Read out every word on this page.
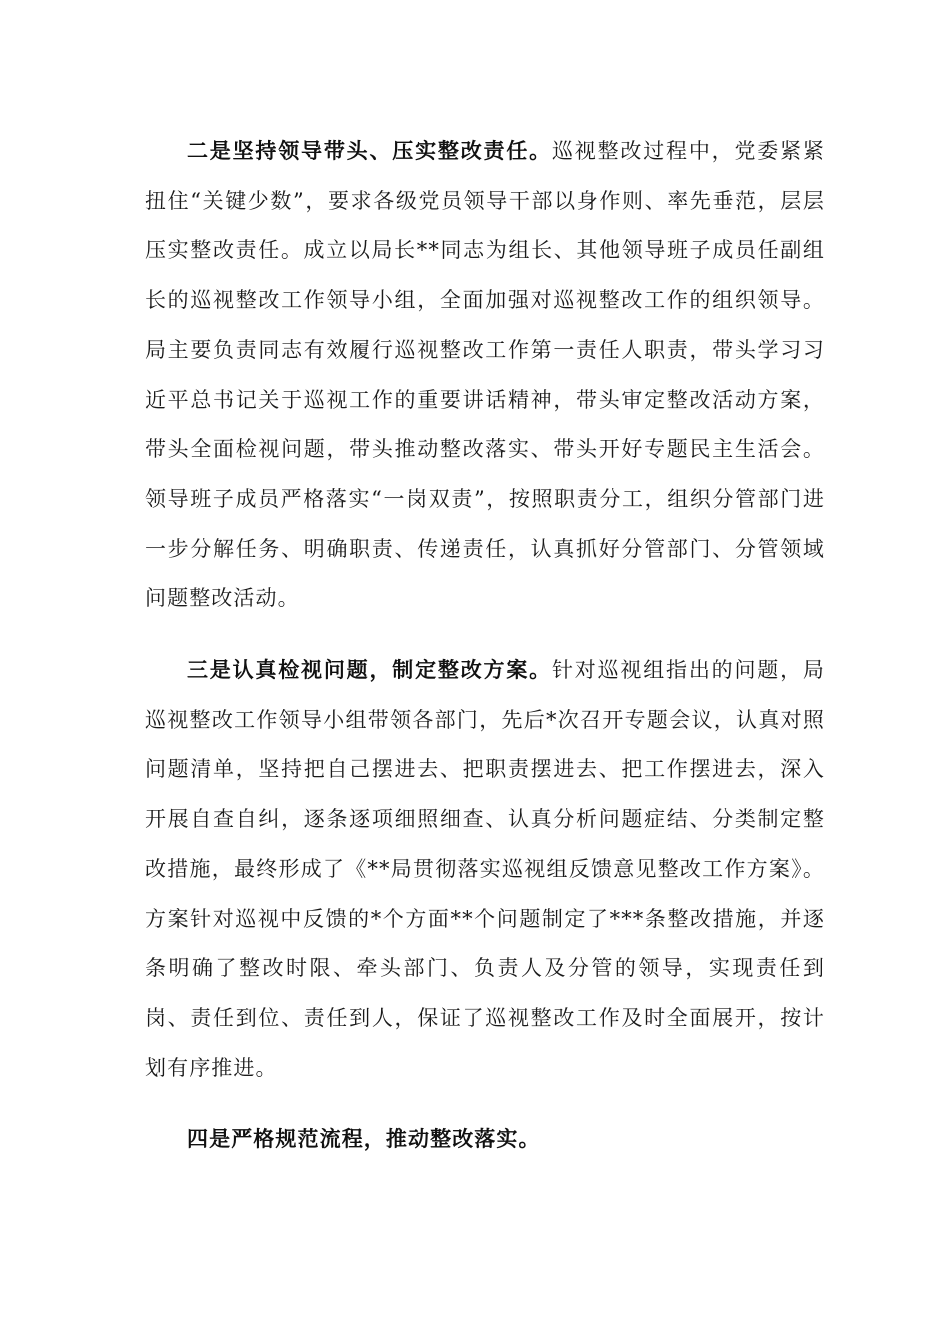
二是坚持领导带头、压实整改责任。巡视整改过程中，党委紧紧扭住“关键少数”，要求各级党员领导干部以身作则、率先垂范，层层压实整改责任。成立以局长**同志为组长、其他领导班子成员任副组长的巡视整改工作领导小组，全面加强对巡视整改工作的组织领导。局主要负责同志有效履行巡视整改工作第一责任人职责，带头学习习近平总书记关于巡视工作的重要讲话精神，带头审定整改活动方案，带头全面检视问题，带头推动整改落实、带头开好专题民主生活会。领导班子成员严格落实“一岗双责”，按照职责分工，组织分管部门进一步分解任务、明确职责、传递责任，认真抓好分管部门、分管领域问题整改活动。

三是认真检视问题，制定整改方案。针对巡视组指出的问题，局巡视整改工作领导小组带领各部门，先后*次召开专题会议，认真对照问题清单，坚持把自己摆进去、把职责摆进去、把工作摆进去，深入开展自查自纠，逐条逐项细照细查、认真分析问题症结、分类制定整改措施，最终形成了《**局贯彻落实巡视组反馈意见整改工作方案》。方案针对巡视中反馈的*个方面**个问题制定了***条整改措施，并逐条明确了整改时限、牵头部门、负责人及分管的领导，实现责任到岗、责任到位、责任到人，保证了巡视整改工作及时全面展开，按计划有序推进。

四是严格规范流程，推动整改落实。
